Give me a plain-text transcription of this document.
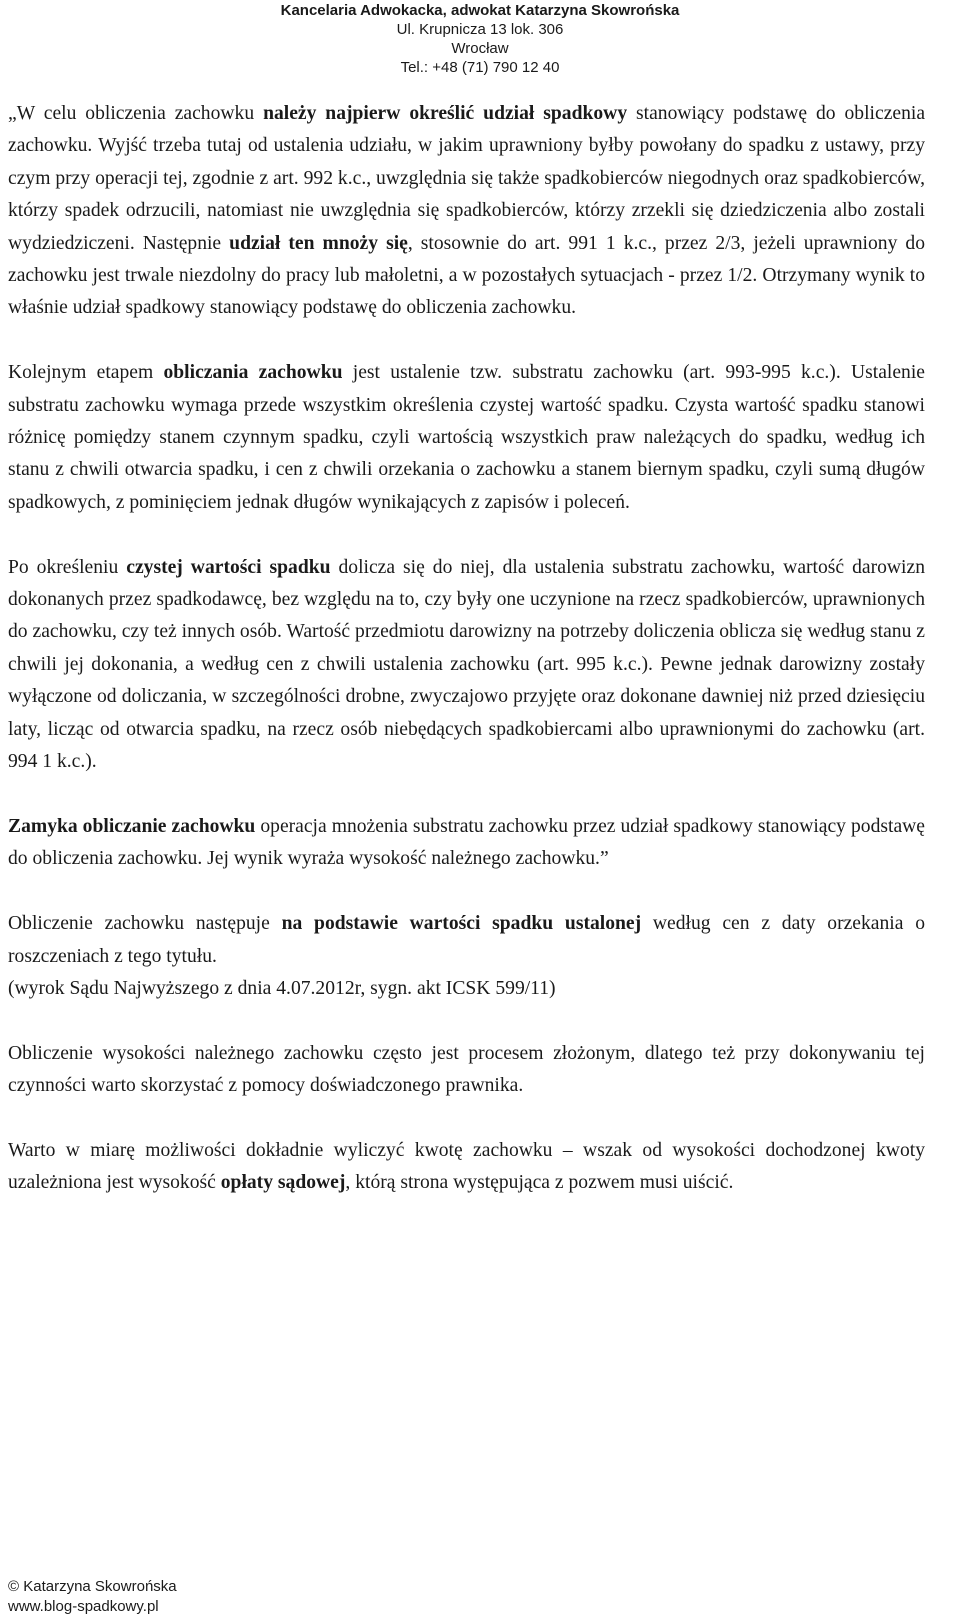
Kancelaria Adwokacka, adwokat Katarzyna Skowrońska
Ul. Krupnicza 13 lok. 306
Wrocław
Tel.: +48 (71) 790 12 40

„W celu obliczenia zachowku należy najpierw określić udział spadkowy stanowiący podstawę do obliczenia zachowku. Wyjść trzeba tutaj od ustalenia udziału, w jakim uprawniony byłby powołany do spadku z ustawy, przy czym przy operacji tej, zgodnie z art. 992 k.c., uwzględnia się także spadkobierców niegodnych oraz spadkobierców, którzy spadek odrzucili, natomiast nie uwzględnia się spadkobierców, którzy zrzekli się dziedziczenia albo zostali wydziedziczeni. Następnie udział ten mnoży się, stosownie do art. 991 1 k.c., przez 2/3, jeżeli uprawniony do zachowku jest trwale niezdolny do pracy lub małoletni, a w pozostałych sytuacjach - przez 1/2. Otrzymany wynik to właśnie udział spadkowy stanowiący podstawę do obliczenia zachowku.

Kolejnym etapem obliczania zachowku jest ustalenie tzw. substratu zachowku (art. 993-995 k.c.). Ustalenie substratu zachowku wymaga przede wszystkim określenia czystej wartość spadku. Czysta wartość spadku stanowi różnicę pomiędzy stanem czynnym spadku, czyli wartością wszystkich praw należących do spadku, według ich stanu z chwili otwarcia spadku, i cen z chwili orzekania o zachowku a stanem biernym spadku, czyli sumą długów spadkowych, z pominięciem jednak długów wynikających z zapisów i poleceń.

Po określeniu czystej wartości spadku dolicza się do niej, dla ustalenia substratu zachowku, wartość darowizn dokonanych przez spadkodawcę, bez względu na to, czy były one uczynione na rzecz spadkobierców, uprawnionych do zachowku, czy też innych osób. Wartość przedmiotu darowizny na potrzeby doliczenia oblicza się według stanu z chwili jej dokonania, a według cen z chwili ustalenia zachowku (art. 995 k.c.). Pewne jednak darowizny zostały wyłączone od doliczania, w szczególności drobne, zwyczajowo przyjęte oraz dokonane dawniej niż przed dziesięciu laty, licząc od otwarcia spadku, na rzecz osób niebędących spadkobiercami albo uprawnionymi do zachowku (art. 994 1 k.c.).

Zamyka obliczanie zachowku operacja mnożenia substratu zachowku przez udział spadkowy stanowiący podstawę do obliczenia zachowku. Jej wynik wyraża wysokość należnego zachowku.”

Obliczenie zachowku następuje na podstawie wartości spadku ustalonej według cen z daty orzekania o roszczeniach z tego tytułu.

(wyrok Sądu Najwyższego z dnia 4.07.2012r, sygn. akt ICSK 599/11)

Obliczenie wysokości należnego zachowku często jest procesem złożonym, dlatego też przy dokonywaniu tej czynności warto skorzystać z pomocy doświadczonego prawnika.

Warto w miarę możliwości dokładnie wyliczyć kwotę zachowku – wszak od wysokości dochodzonej kwoty uzależniona jest wysokość opłaty sądowej, którą strona występująca z pozwem musi uiścić.

© Katarzyna Skowrońska
www.blog-spadkowy.pl
